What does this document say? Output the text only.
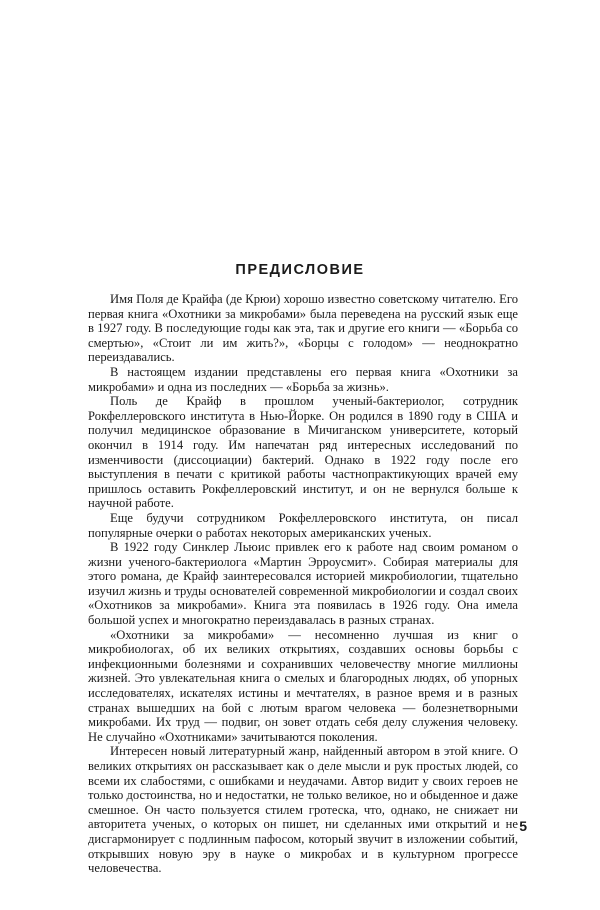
ПРЕДИСЛОВИЕ

Имя Поля де Крайфа (де Крюи) хорошо известно советскому читателю. Его первая книга «Охотники за микробами» была переведена на русский язык еще в 1927 году. В последующие годы как эта, так и другие его книги — «Борьба со смертью», «Стоит ли им жить?», «Борцы с голодом» — неоднократно переиздавались.

В настоящем издании представлены его первая книга «Охотники за микробами» и одна из последних — «Борьба за жизнь».

Поль де Крайф в прошлом ученый-бактериолог, сотрудник Рокфеллеровского института в Нью-Йорке. Он родился в 1890 году в США и получил медицинское образование в Мичиганском университете, который окончил в 1914 году. Им напечатан ряд интересных исследований по изменчивости (диссоциации) бактерий. Однако в 1922 году после его выступления в печати с критикой работы частнопрактикующих врачей ему пришлось оставить Рокфеллеровский институт, и он не вернулся больше к научной работе.

Еще будучи сотрудником Рокфеллеровского института, он писал популярные очерки о работах некоторых американских ученых.

В 1922 году Синклер Льюис привлек его к работе над своим романом о жизни ученого-бактериолога «Мартин Эрроусмит». Собирая материалы для этого романа, де Крайф заинтересовался историей микробиологии, тщательно изучил жизнь и труды основателей современной микробиологии и создал своих «Охотников за микробами». Книга эта появилась в 1926 году. Она имела большой успех и многократно переиздавалась в разных странах.

«Охотники за микробами» — несомненно лучшая из книг о микробиологах, об их великих открытиях, создавших основы борьбы с инфекционными болезнями и сохранивших человечеству многие миллионы жизней. Это увлекательная книга о смелых и благородных людях, об упорных исследователях, искателях истины и мечтателях, в разное время и в разных странах вышедших на бой с лютым врагом человека — болезнетворными микробами. Их труд — подвиг, он зовет отдать себя делу служения человеку. Не случайно «Охотниками» зачитываются поколения.

Интересен новый литературный жанр, найденный автором в этой книге. О великих открытиях он рассказывает как о деле мысли и рук простых людей, со всеми их слабостями, с ошибками и неудачами. Автор видит у своих героев не только достоинства, но и недостатки, не только великое, но и обыденное и даже смешное. Он часто пользуется стилем гротеска, что, однако, не снижает ни авторитета ученых, о которых он пишет, ни сделанных ими открытий и не дисгармонирует с подлинным пафосом, который звучит в изложении событий, открывших новую эру в науке о микробах и в культурном прогрессе человечества.

5
